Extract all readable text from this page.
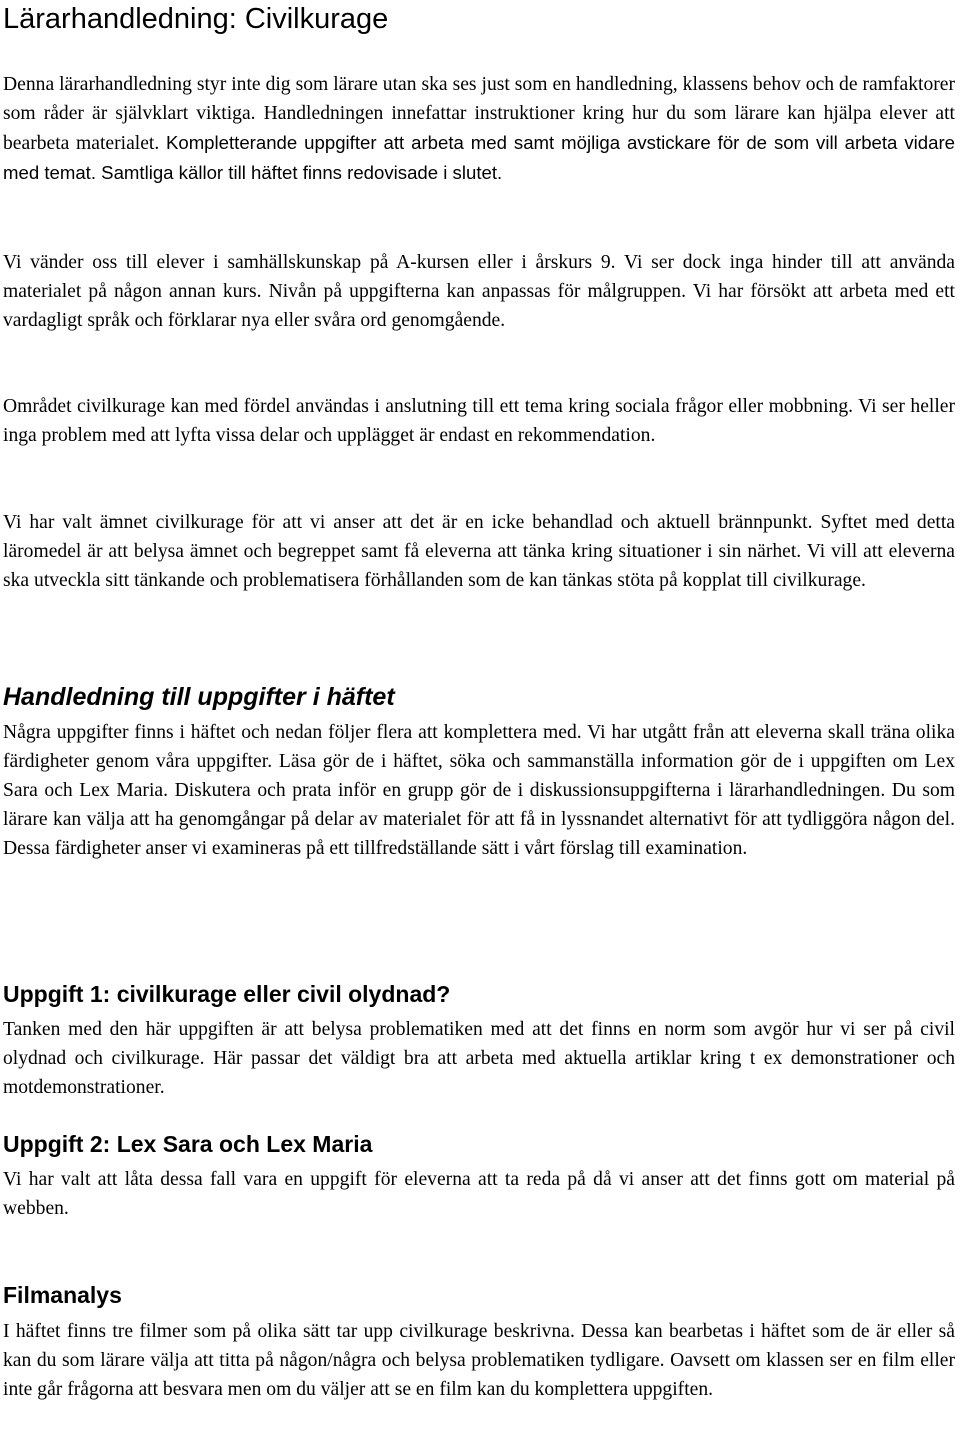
Lärarhandledning: Civilkurage

Denna lärarhandledning styr inte dig som lärare utan ska ses just som en handledning, klassens behov och de ramfaktorer som råder är självklart viktiga. Handledningen innefattar instruktioner kring hur du som lärare kan hjälpa elever att bearbeta materialet. Kompletterande uppgifter att arbeta med samt möjliga avstickare för de som vill arbeta vidare med temat. Samtliga källor till häftet finns redovisade i slutet.

Vi vänder oss till elever i samhällskunskap på A-kursen eller i årskurs 9. Vi ser dock inga hinder till att använda materialet på någon annan kurs. Nivån på uppgifterna kan anpassas för målgruppen. Vi har försökt att arbeta med ett vardagligt språk och förklarar nya eller svåra ord genomgående.

Området civilkurage kan med fördel användas i anslutning till ett tema kring sociala frågor eller mobbning. Vi ser heller inga problem med att lyfta vissa delar och upplägget är endast en rekommendation.

Vi har valt ämnet civilkurage för att vi anser att det är en icke behandlad och aktuell brännpunkt. Syftet med detta läromedel är att belysa ämnet och begreppet samt få eleverna att tänka kring situationer i sin närhet. Vi vill att eleverna ska utveckla sitt tänkande och problematisera förhållanden som de kan tänkas stöta på kopplat till civilkurage.

Handledning till uppgifter i häftet

Några uppgifter finns i häftet och nedan följer flera att komplettera med. Vi har utgått från att eleverna skall träna olika färdigheter genom våra uppgifter. Läsa gör de i häftet, söka och sammanställa information gör de i uppgiften om Lex Sara och Lex Maria. Diskutera och prata inför en grupp gör de i diskussionsuppgifterna i lärarhandledningen. Du som lärare kan välja att ha genomgångar på delar av materialet för att få in lyssnandet alternativt för att tydliggöra någon del. Dessa färdigheter anser vi examineras på ett tillfredställande sätt i vårt förslag till examination.

Uppgift 1: civilkurage eller civil olydnad?

Tanken med den här uppgiften är att belysa problematiken med att det finns en norm som avgör hur vi ser på civil olydnad och civilkurage. Här passar det väldigt bra att arbeta med aktuella artiklar kring t ex demonstrationer och motdemonstrationer.

Uppgift 2: Lex Sara och Lex Maria

Vi har valt att låta dessa fall vara en uppgift för eleverna att ta reda på då vi anser att det finns gott om material på webben.

Filmanalys

I häftet finns tre filmer som på olika sätt tar upp civilkurage beskrivna. Dessa kan bearbetas i häftet som de är eller så kan du som lärare välja att titta på någon/några och belysa problematiken tydligare. Oavsett om klassen ser en film eller inte går frågorna att besvara men om du väljer att se en film kan du komplettera uppgiften.
